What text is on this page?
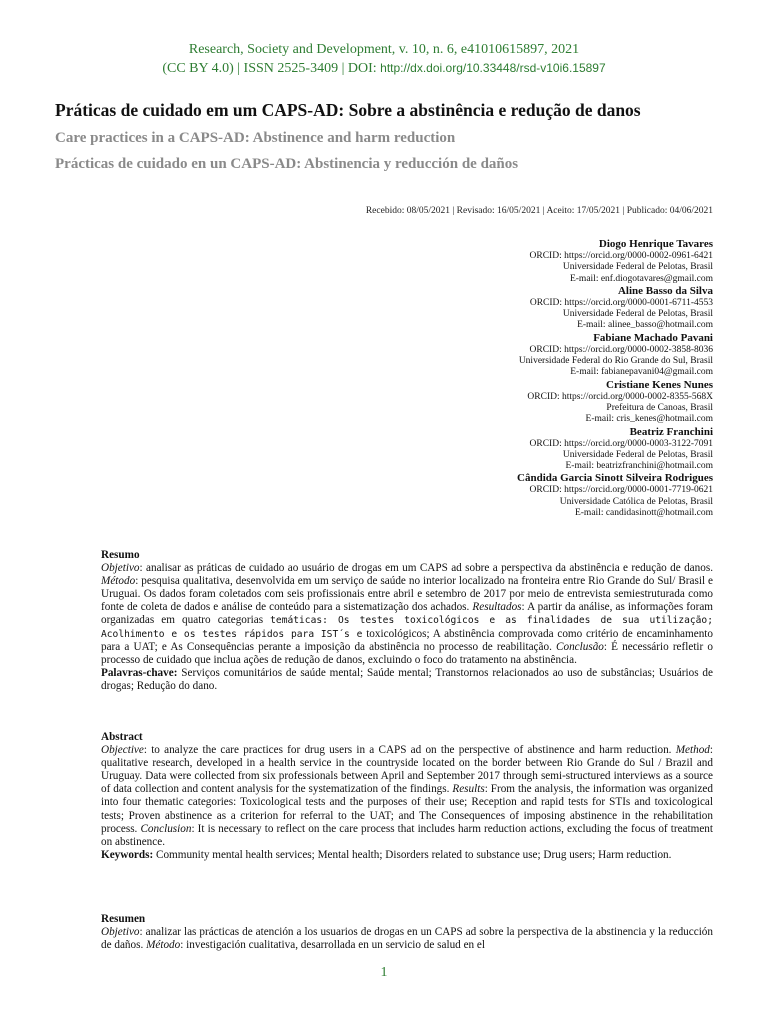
Research, Society and Development, v. 10, n. 6, e41010615897, 2021
(CC BY 4.0) | ISSN 2525-3409 | DOI: http://dx.doi.org/10.33448/rsd-v10i6.15897
Práticas de cuidado em um CAPS-AD: Sobre a abstinência e redução de danos
Care practices in a CAPS-AD: Abstinence and harm reduction
Prácticas de cuidado en un CAPS-AD: Abstinencia y reducción de daños
Recebido: 08/05/2021 | Revisado: 16/05/2021 | Aceito: 17/05/2021 | Publicado: 04/06/2021
Diogo Henrique Tavares
ORCID: https://orcid.org/0000-0002-0961-6421
Universidade Federal de Pelotas, Brasil
E-mail: enf.diogotavares@gmail.com
Aline Basso da Silva
ORCID: https://orcid.org/0000-0001-6711-4553
Universidade Federal de Pelotas, Brasil
E-mail: alinee_basso@hotmail.com
Fabiane Machado Pavani
ORCID: https://orcid.org/0000-0002-3858-8036
Universidade Federal do Rio Grande do Sul, Brasil
E-mail: fabianepavani04@gmail.com
Cristiane Kenes Nunes
ORCID: https://orcid.org/0000-0002-8355-568X
Prefeitura de Canoas, Brasil
E-mail: cris_kenes@hotmail.com
Beatriz Franchini
ORCID: https://orcid.org/0000-0003-3122-7091
Universidade Federal de Pelotas, Brasil
E-mail: beatrizfranchini@hotmail.com
Cândida Garcia Sinott Silveira Rodrigues
ORCID: https://orcid.org/0000-0001-7719-0621
Universidade Católica de Pelotas, Brasil
E-mail: candidasinott@hotmail.com
Resumo

Objetivo: analisar as práticas de cuidado ao usuário de drogas em um CAPS ad sobre a perspectiva da abstinência e redução de danos. Método: pesquisa qualitativa, desenvolvida em um serviço de saúde no interior localizado na fronteira entre Rio Grande do Sul/ Brasil e Uruguai. Os dados foram coletados com seis profissionais entre abril e setembro de 2017 por meio de entrevista semiestruturada como fonte de coleta de dados e análise de conteúdo para a sistematização dos achados. Resultados: A partir da análise, as informações foram organizadas em quatro categorias temáticas: Os testes toxicológicos e as finalidades de sua utilização; Acolhimento e os testes rápidos para IST´s e toxicológicos; A abstinência comprovada como critério de encaminhamento para a UAT; e As Consequências perante a imposição da abstinência no processo de reabilitação. Conclusão: É necessário refletir o processo de cuidado que inclua ações de redução de danos, excluindo o foco do tratamento na abstinência.

Palavras-chave: Serviços comunitários de saúde mental; Saúde mental; Transtornos relacionados ao uso de substâncias; Usuários de drogas; Redução do dano.

Abstract

Objective: to analyze the care practices for drug users in a CAPS ad on the perspective of abstinence and harm reduction. Method: qualitative research, developed in a health service in the countryside located on the border between Rio Grande do Sul / Brazil and Uruguay. Data were collected from six professionals between April and September 2017 through semi-structured interviews as a source of data collection and content analysis for the systematization of the findings. Results: From the analysis, the information was organized into four thematic categories: Toxicological tests and the purposes of their use; Reception and rapid tests for STIs and toxicological tests; Proven abstinence as a criterion for referral to the UAT; and The Consequences of imposing abstinence in the rehabilitation process. Conclusion: It is necessary to reflect on the care process that includes harm reduction actions, excluding the focus of treatment on abstinence.

Keywords: Community mental health services; Mental health; Disorders related to substance use; Drug users; Harm reduction.

Resumen

Objetivo: analizar las prácticas de atención a los usuarios de drogas en un CAPS ad sobre la perspectiva de la abstinencia y la reducción de daños. Método: investigación cualitativa, desarrollada en un servicio de salud en el

1
